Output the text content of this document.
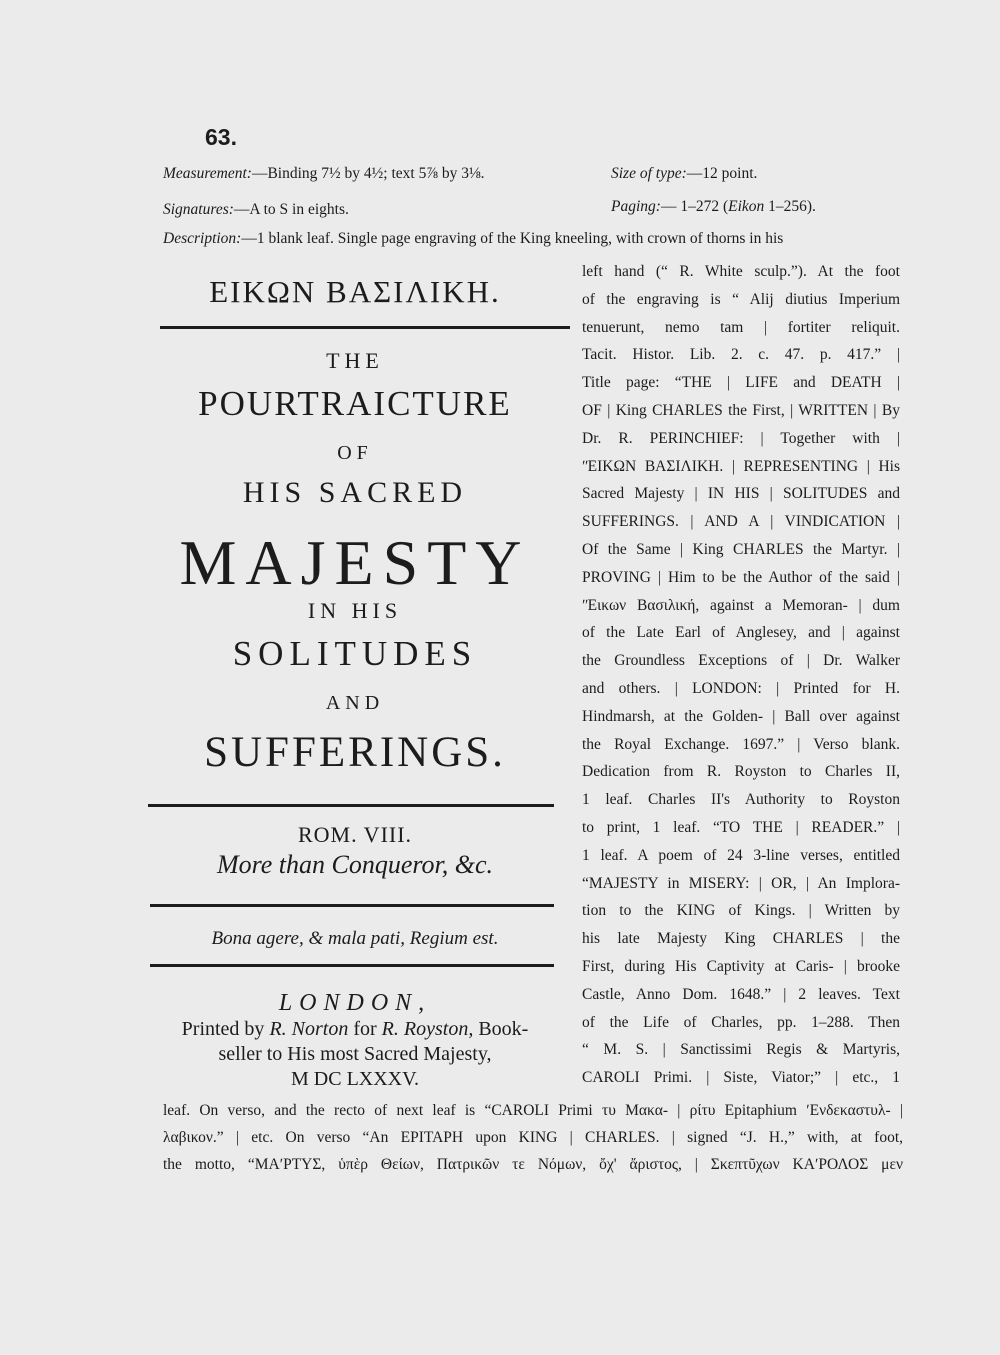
63.
Measurement:—Binding 7½ by 4½; text 5⅞ by 3⅛.	Size of type:—12 point.
Signatures:—A to S in eights.	Paging:— 1–272 (Eikon 1–256).
Description:—1 blank leaf. Single page engraving of the King kneeling, with crown of thorns in his
left hand (“ R. White sculp.”). At the foot
of the engraving is “ Alij diutius Imperium
tenuerunt, nemo tam | fortiter reliquit.
Tacit. Histor. Lib. 2. c. 47. p. 417.” |
Title page: “THE | LIFE and DEATH |
OF | King CHARLES the First, | WRITTEN | By
Dr. R. PERINCHIEF: | Together with |
ʺΕΙΚΩΝ ΒΑΣΙΛΙΚΗ. | REPRESENTING | His
Sacred Majesty | IN HIS | SOLITUDES and
SUFFERINGS. | AND A | VINDICATION |
Of the Same | King CHARLES the Martyr. |
PROVING | Him to be the Author of the said |
ʺΕικων Βασιλική, against a Memoran- | dum
of the Late Earl of Anglesey, and | against
the Groundless Exceptions of | Dr. Walker
and others. | LONDON: | Printed for H.
Hindmarsh, at the Golden- | Ball over against
the Royal Exchange. 1697.” | Verso blank.
Dedication from R. Royston to Charles II,
1 leaf. Charles II's Authority to Royston
to print, 1 leaf. “TO THE | READER.” |
1 leaf. A poem of 24 3-line verses, entitled
“MAJESTY in MISERY: | OR, | An Implora-
tion to the KING of Kings. | Written by
his late Majesty King CHARLES | the
First, during His Captivity at Caris- | brooke
Castle, Anno Dom. 1648.” | 2 leaves. Text
of the Life of Charles, pp. 1–288. Then
“ M. S. | Sanctissimi Regis & Martyris,
CAROLI Primi. | Siste, Viator;” | etc., 1
ΕΙΚΩΝ ΒΑΣΙΛΙΚΗ.
THE
POURTRAICTURE
OF
HIS SACRED
MAJESTY
IN HIS
SOLITUDES
AND
SUFFERINGS.
ROM. VIII.
More than Conqueror, &c.
Bona agere, & mala pati, Regium est.
LONDON,
Printed by R. Norton for R. Royston, Book-
seller to His most Sacred Majesty,
M DC LXXXV.
leaf. On verso, and the recto of next leaf is “CAROLI Primi τυ Μακα- | ρίτυ Epitaphium ʹΕνδεκαστυλ- |
λαβικον.” | etc. On verso “An EPITAPH upon KING | CHARLES. | signed “J. H.,” with, at foot,
the motto, “ΜΑʹΡΤΥΣ, ὑπὲρ Θείων, Πατρικῶν τε Νόμων, ὄχ' ἄριστος, | Σκεπτῦχων ΚΑʹΡΟΛΟΣ μεν
